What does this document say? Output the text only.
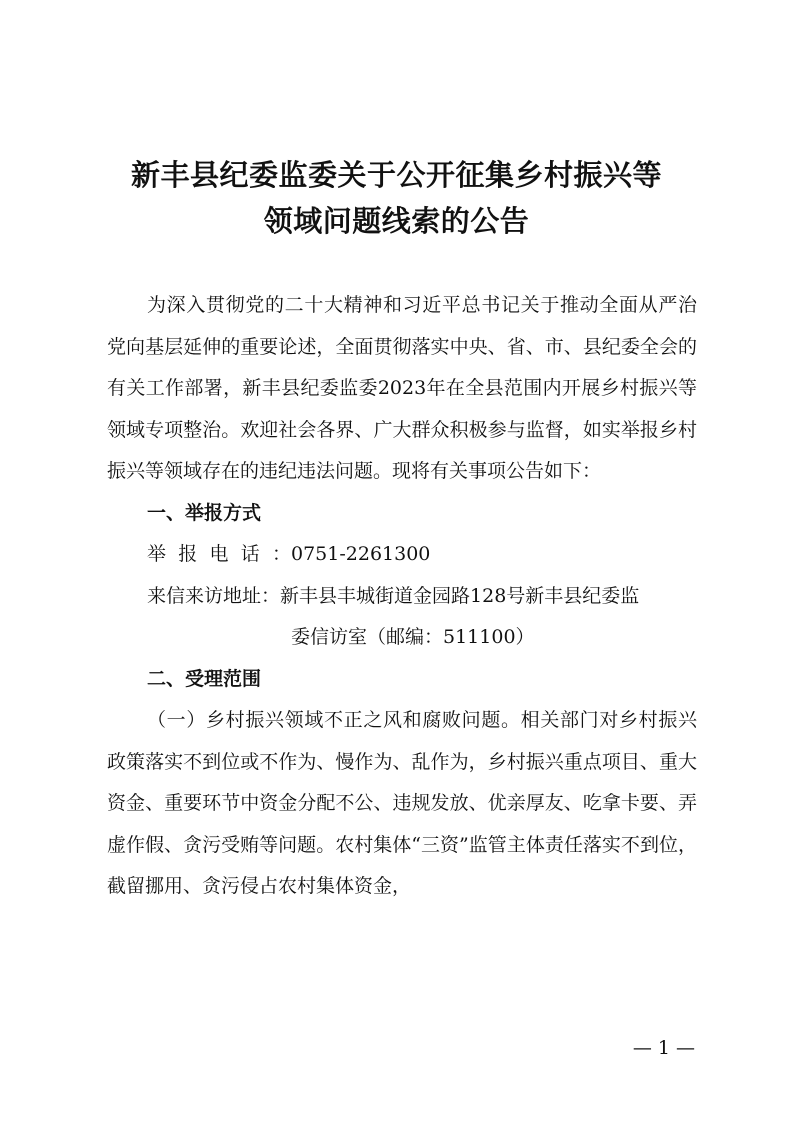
新丰县纪委监委关于公开征集乡村振兴等
领域问题线索的公告

为深入贯彻党的二十大精神和习近平总书记关于推动全面从严治党向基层延伸的重要论述，全面贯彻落实中央、省、市、县纪委全会的有关工作部署，新丰县纪委监委2023年在全县范围内开展乡村振兴等领域专项整治。欢迎社会各界、广大群众积极参与监督，如实举报乡村振兴等领域存在的违纪违法问题。现将有关事项公告如下：

一、举报方式

举报电话： 0751-2261300
来信来访地址： 新丰县丰城街道金园路128号新丰县纪委监

委信访室（邮编：511100）

二、受理范围

（一）乡村振兴领域不正之风和腐败问题。相关部门对乡村振兴政策落实不到位或不作为、慢作为、乱作为，乡村振兴重点项目、重大资金、重要环节中资金分配不公、违规发放、优亲厚友、吃拿卡要、弄虚作假、贪污受贿等问题。农村集体“三资”监管主体责任落实不到位，截留挪用、贪污侵占农村集体资金，

— 1 —
